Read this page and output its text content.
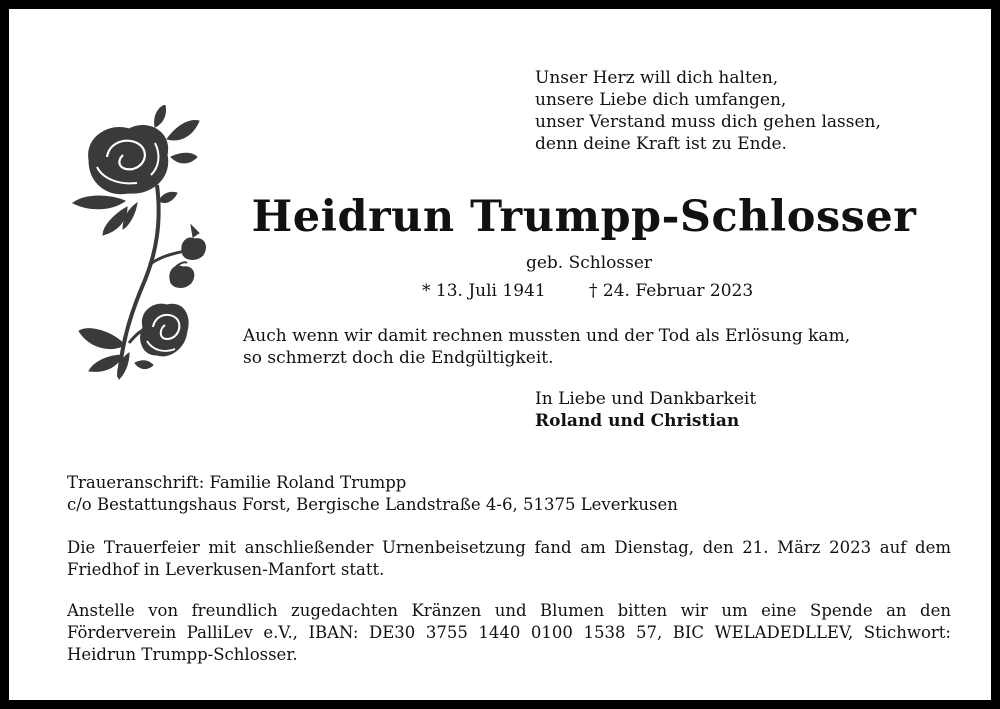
Unser Herz will dich halten,
unsere Liebe dich umfangen,
unser Verstand muss dich gehen lassen,
denn deine Kraft ist zu Ende.
Heidrun Trumpp-Schlosser
geb. Schlosser
* 13. Juli 1941	† 24. Februar 2023
Auch wenn wir damit rechnen mussten und der Tod als Erlösung kam,
so schmerzt doch die Endgültigkeit.
In Liebe und Dankbarkeit
Roland und Christian
Traueranschrift: Familie Roland Trumpp
c/o Bestattungshaus Forst, Bergische Landstraße 4-6, 51375 Leverkusen

Die Trauerfeier mit anschließender Urnenbeisetzung fand am Dienstag, den 21. März 2023 auf dem Friedhof in Leverkusen-Manfort statt.

Anstelle von freundlich zugedachten Kränzen und Blumen bitten wir um eine Spende an den Förderverein PalliLev e.V., IBAN: DE30 3755 1440 0100 1538 57, BIC WELADEDLLEV, Stichwort: Heidrun Trumpp-Schlosser.
